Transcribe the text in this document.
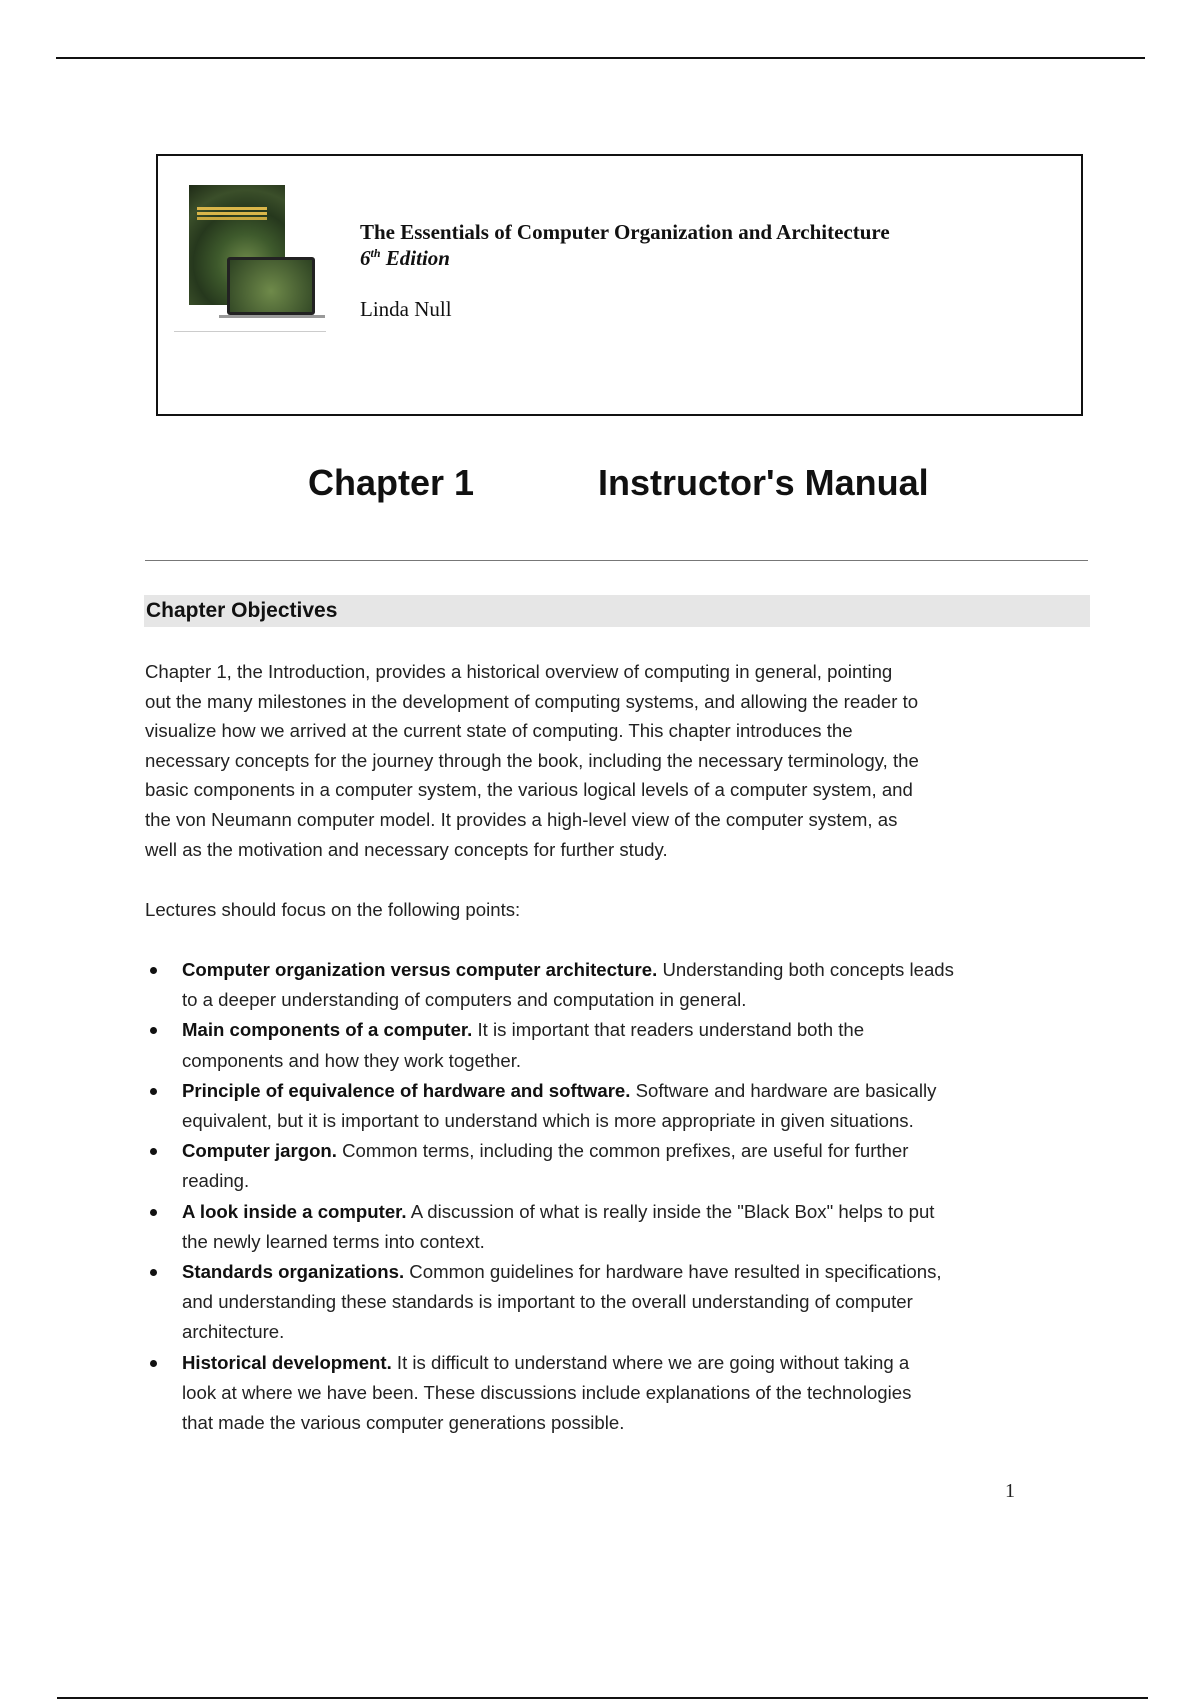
The Essentials of Computer Organization and Architecture
6th Edition
Linda Null
Chapter 1	Instructor's Manual
Chapter Objectives
Chapter 1, the Introduction, provides a historical overview of computing in general, pointing
out the many milestones in the development of computing systems, and allowing the reader to
visualize how we arrived at the current state of computing. This chapter introduces the
necessary concepts for the journey through the book, including the necessary terminology, the
basic components in a computer system, the various logical levels of a computer system, and
the von Neumann computer model. It provides a high-level view of the computer system, as
well as the motivation and necessary concepts for further study.
Lectures should focus on the following points:
Computer organization versus computer architecture. Understanding both concepts leads
to a deeper understanding of computers and computation in general.
Main components of a computer. It is important that readers understand both the
components and how they work together.
Principle of equivalence of hardware and software. Software and hardware are basically
equivalent, but it is important to understand which is more appropriate in given situations.
Computer jargon. Common terms, including the common prefixes, are useful for further
reading.
A look inside a computer. A discussion of what is really inside the "Black Box" helps to put
the newly learned terms into context.
Standards organizations. Common guidelines for hardware have resulted in specifications,
and understanding these standards is important to the overall understanding of computer
architecture.
Historical development. It is difficult to understand where we are going without taking a
look at where we have been. These discussions include explanations of the technologies
that made the various computer generations possible.
1
